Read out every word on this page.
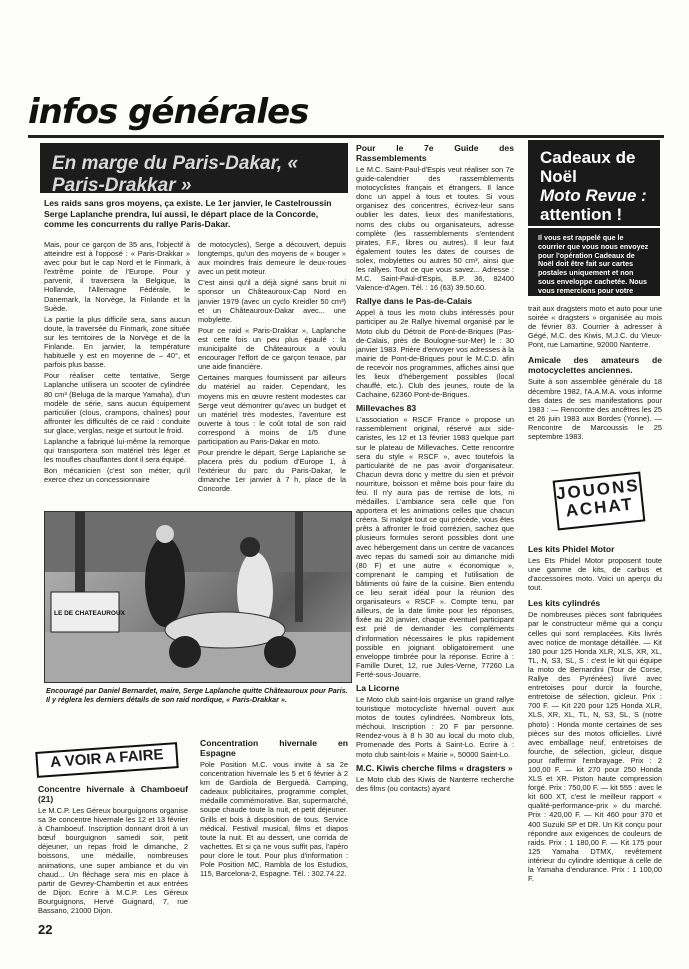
infos générales
En marge du Paris-Dakar, « Paris-Drakkar »
Les raids sans gros moyens, ça existe. Le 1er janvier, le Castelroussin Serge Laplanche prendra, lui aussi, le départ place de la Concorde, comme les concurrents du rallye Paris-Dakar.

Mais, pour ce garçon de 35 ans, l'objectif à atteindre est à l'opposé : « Paris-Drakkar » avec pour but le cap Nord et le Finmark, à l'extrême pointe de l'Europe. Pour y parvenir, il traversera la Belgique, la Hollande, l'Allemagne Fédérale, le Danemark, la Norvège, la Finlande et la Suède.

La partie la plus difficile sera, sans aucun doute, la traversée du Finmark, zone située sur les territoires de la Norvège et de la Finlande. En janvier, la température habituelle y est en moyenne de – 40°, et parfois plus basse.

Pour réaliser cette tentative, Serge Laplanche utilisera un scooter de cylindrée 80 cm³ (Beluga de la marque Yamaha), d'un modèle de série, sans aucun équipement particulier (clous, crampons, chaînes) pour affronter les difficultés de ce raid : conduite sur glace, verglas, neige et surtout le froid.

Laplanche a fabriqué lui-même la remorque qui transportera son matériel très léger et les moufles chauffantes dont il sera équipé.

Bon mécanicien (c'est son métier, qu'il exerce chez un concessionnaire

de motocycles), Serge a découvert, depuis longtemps, qu'un des moyens de « bouger » aux moindres frais demeure le deux-roues avec un petit moteur.

C'est ainsi qu'il a déjà signé sans bruit ni sponsor un Châteauroux-Cap Nord en janvier 1979 (avec un cyclo Kreidler 50 cm³) et un Châteauroux-Dakar avec... une mobylette.

Pour ce raid « Paris-Drakkar », Laplanche est cette fois un peu plus épaulé : la municipalité de Châteauroux a voulu encourager l'effort de ce garçon tenace, par une aide financière.

Certaines marques fournissent par ailleurs du matériel au raider. Cependant, les moyens mis en œuvre restent modestes car Serge veut démontrer qu'avec un budget et un matériel très modestes, l'aventure est ouverte à tous : le coût total de son raid correspond à moins de 1/5 d'une participation au Paris-Dakar en moto.

Pour prendre le départ, Serge Laplanche se placera près du podium d'Europe 1, à l'extérieur du parc du Paris-Dakar, le dimanche 1er janvier à 7 h, place de la Concorde.

LE DE CHATEAUROUX
Encouragé par Daniel Bernardet, maire, Serge Laplanche quitte Châteauroux pour Paris. Il y réglera les derniers détails de son raid nordique, « Paris-Drakkar ».
A VOIR A FAIRE

Concentre hivernale à Chamboeuf (21)

Le M.C.P. Les Géreux bourguignons organise sa 3e concentre hivernale les 12 et 13 février à Chamboeuf. Inscription donnant droit à un bœuf bourguignon samedi soir, petit déjeuner, un repas froid le dimanche, 2 boissons, une médaille, nombreuses animations, une super ambiance et du vin chaud... Un fléchage sera mis en place à partir de Gevrey-Chambertin et aux entrées de Dijon. Ecrire à M.C.P. Les Géreux Bourguignons, Hervé Guignard, 7, rue Bassano, 21000 Dijon.

Concentration hivernale en Espagne

Pole Position M.C. vous invite à sa 2e concentration hivernale les 5 et 6 février à 2 km de Gardiola de Berguedà. Camping, cadeaux publicitaires, programme complet, médaille commémorative. Bar, supermarché, soupe chaude toute la nuit, et petit déjeuner. Grills et bois à disposition de tous. Service médical. Festival musical, films et diapos toute la nuit. Et au dessert, une corrida de vachettes. Et si ça ne vous suffit pas, l'apéro pour clore le tout. Pour plus d'information : Pole Position MC, Rambla de los Estudios, 115, Barcelona-2, Espagne. Tél. : 302.74.22.

22

Pour le 7e Guide des Rassemblements

Le M.C. Saint-Paul-d'Espis veut réaliser son 7e guide-calendrier des rassemblements motocyclistes français et étrangers. Il lance donc un appel à tous et toutes. Si vous organisez des concentres, écrivez-leur sans oublier les dates, lieux des manifestations, noms des clubs ou organisateurs, adresse complète (les rassemblements s'entendent pirates, F.F., libres ou autres). Il leur faut également toutes les dates de courses de solex, mobylettes ou autres 50 cm³, ainsi que les rallyes. Tout ce que vous savez... Adresse : M.C. Saint-Paul-d'Espis, B.P. 36, 82400 Valence-d'Agen. Tél. : 16 (63) 39.50.60.

Rallye dans le Pas-de-Calais

Appel à tous les moto clubs intéressés pour participer au 2e Rallye hivernal organisé par le Moto club du Détroit de Pont-de-Briques (Pas-de-Calais, près de Boulogne-sur-Mer) le : 30 janvier 1983. Prière d'envoyer vos adresses à la mairie de Pont-de-Briques pour le M.C.D. afin de recevoir nos programmes, affiches ainsi que les lieux d'hébergement possibles (local chauffé, etc.). Club des jeunes, route de la Cachaine, 62360 Pont-de-Briques.

Millevaches 83

L'association « RSCF France » propose un rassemblement original, réservé aux side-caristes, les 12 et 13 février 1983 quelque part sur le plateau de Millevaches. Cette rencontre sera du style « RSCF », avec toutefois la particularité de ne pas avoir d'organisateur. Chacun devra donc y mettre du sien et prévoir nourriture, boisson et même bois pour faire du feu. Il n'y aura pas de remise de lots, ni médailles. L'ambiance sera celle que l'on apportera et les animations celles que chacun créera. Si malgré tout ce qui précède, vous êtes prêts à affronter le froid corrézien, sachez que plusieurs formules seront possibles dont une avec hébergement dans un centre de vacances avec repas du samedi soir au dimanche midi (80 F) et une autre « économique », comprenant le camping et l'utilisation de bâtiments où faire de la cuisine. Bien entendu ce lieu serait idéal pour la réunion des organisateurs « RSCF ». Compte tenu, par ailleurs, de la date limite pour les réponses, fixée au 20 janvier, chaque éventuel participant est prié de demander les compléments d'information nécessaires le plus rapidement possible en joignant obligatoirement une enveloppe timbrée pour la réponse. Ecrire à : Famille Duret, 12, rue Jules-Verne, 77260 La Ferté-sous-Jouarre.

La Licorne

Le Moto club saint-lois organise un grand rallye touristique motocycliste hivernal ouvert aux motos de toutes cylindrées. Nombreux lots, méchoui. Inscription : 20 F par personne. Rendez-vous à 8 h 30 au local du moto club, Promenade des Ports à Saint-Lo. Ecrire à : moto club saint-lois « Mairie », 50000 Saint-Lo.

M.C. Kiwis cherche films « dragsters »

Le Moto club des Kiwis de Nanterre recherche des films (ou contacts) ayant

Cadeaux de Noël
Moto Revue :
attention !
Il vous est rappelé que le courrier que vous nous envoyez pour l'opération Cadeaux de Noël doit être fait sur cartes postales uniquement et non sous enveloppe cachetée. Nous vous remercions pour votre compréhension.

trait aux dragsters moto et auto pour une soirée « dragsters » organisée au mois de février 83. Courrier à adresser à Gégé, M.C. des Kiwis, M.J.C. du Vieux-Pont, rue Lamartine, 92000 Nanterre.

Amicale des amateurs de motocyclettes anciennes.

Suite à son assemblée générale du 18 décembre 1982, l'A.A.M.A. vous informe des dates de ses manifestations pour 1983 : — Rencontre des ancêtres les 25 et 26 juin 1983 aux Bordes (Yonne). — Rencontre de Marcoussis le 25 septembre 1983.

JOUONS ACHAT

Les kits Phidel Motor

Les Ets Phidel Motor proposent toute une gamme de kits, de carbus et d'accessoires moto. Voici un aperçu du tout.

Les kits cylindrés

De nombreuses pièces sont fabriquées par le constructeur même qui a conçu celles qui sont remplacées. Kits livrés avec notice de montage détaillée. — Kit 180 pour 125 Honda XLR, XLS, XR, XL, TL, N, S3, SL, S : c'est le kit qui équipe la moto de Bernardini (Tour de Corse, Rallye des Pyrénées) livré avec entretoises pour durcir la fourche, entretoise de sélection, gicleur. Prix : 700 F. — Kit 220 pour 125 Honda XLR, XLS, XR, XL, TL, N, S3, SL, S (notre photo) : Honda monte certaines de ses pièces sur des motos officielles. Livré avec emballage neuf, entretoises de fourche, de sélection, gicleur, disque pour raffermir l'embrayage. Prix : 2 100,00 F. — kit 270 pour 250 Honda XLS et XR. Piston haute compression forgé. Prix : 750,00 F. — kit 555 : avec le kit 600 XT, c'est le meilleur rapport « qualité-performance-prix » du marché. Prix : 420,00 F. — Kit 460 pour 370 et 400 Suzuki SP et DR. Un Kit conçu pour répondre aux exigences de couleurs de raids. Prix : 1 180,00 F. — Kit 175 pour 125 Yamaha DTMX, revêtement intérieur du cylindre identique à celle de la Yamaha d'endurance. Prix : 1 100,00 F.
